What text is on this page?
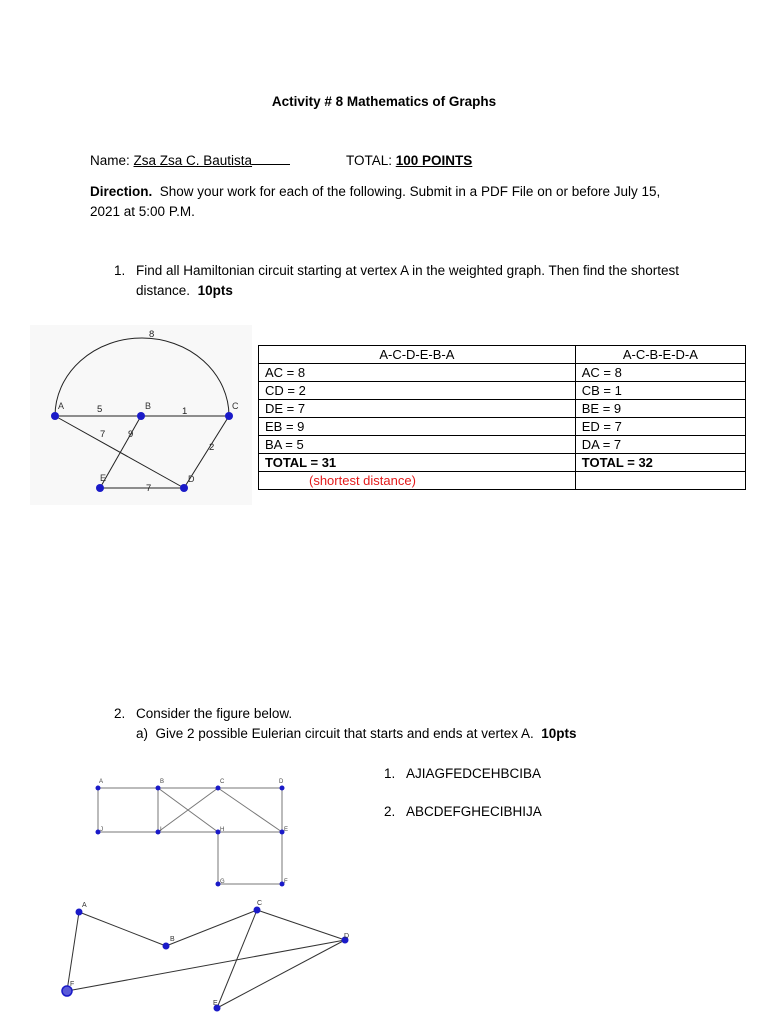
Activity # 8 Mathematics of Graphs
Name: Zsa Zsa C. Bautista	TOTAL: 100 POINTS
Direction. Show your work for each of the following. Submit in a PDF File on or before July 15, 2021 at 5:00 P.M.
1. Find all Hamiltonian circuit starting at vertex A in the weighted graph. Then find the shortest distance. 10pts
A	B	C
D
E
8
5	1
7 9
2
7
A-C-D-E-B-A	A-C-B-E-D-A
AC = 8	AC = 8
CD = 2	CB = 1
DE = 7	BE = 9
EB = 9	ED = 7
BA = 5	DA = 7
TOTAL = 31	TOTAL = 32
(shortest distance)	
2. Consider the figure below.
a) Give 2 possible Eulerian circuit that starts and ends at vertex A. 10pts
1. AJIAGFEDCEHBCIBA
2. ABCDEFGHECIBHIJA
A	B	C	D
J	I	H	E
G	F
A
B
C
D
F
E
